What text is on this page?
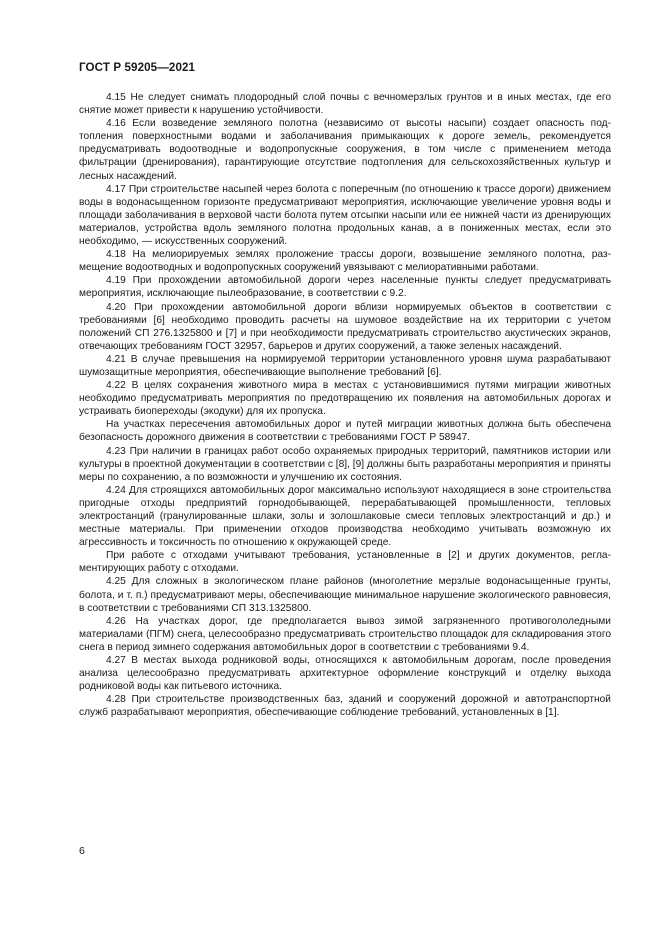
ГОСТ Р 59205—2021

4.15 Не следует снимать плодородный слой почвы с вечномерзлых грунтов и в иных местах, где его снятие может привести к нарушению устойчивости.

4.16 Если возведение земляного полотна (независимо от высоты насыпи) создает опасность подтопления поверхностными водами и заболачивания примыкающих к дороге земель, рекомендуется предусматривать водоотводные и водопропускные сооружения, в том числе с применением метода фильтрации (дренирования), гарантирующие отсутствие подтопления для сельскохозяйственных культур и лесных насаждений.

4.17 При строительстве насыпей через болота с поперечным (по отношению к трассе дороги) движением воды в водонасыщенном горизонте предусматривают мероприятия, исключающие увеличение уровня воды и площади заболачивания в верховой части болота путем отсыпки насыпи или ее нижней части из дренирующих материалов, устройства вдоль земляного полотна продольных канав, а в пониженных местах, если это необходимо, — искусственных сооружений.

4.18 На мелиорируемых землях проложение трассы дороги, возвышение земляного полотна, размещение водоотводных и водопропускных сооружений увязывают с мелиоративными работами.

4.19 При прохождении автомобильной дороги через населенные пункты следует предусматривать мероприятия, исключающие пылеобразование, в соответствии с 9.2.

4.20 При прохождении автомобильной дороги вблизи нормируемых объектов в соответствии с требованиями [6] необходимо проводить расчеты на шумовое воздействие на их территории с учетом положений СП 276.1325800 и [7] и при необходимости предусматривать строительство акустических экранов, отвечающих требованиям ГОСТ 32957, барьеров и других сооружений, а также зеленых насаждений.

4.21 В случае превышения на нормируемой территории установленного уровня шума разрабатывают шумозащитные мероприятия, обеспечивающие выполнение требований [6].

4.22 В целях сохранения животного мира в местах с установившимися путями миграции животных необходимо предусматривать мероприятия по предотвращению их появления на автомобильных дорогах и устраивать биопереходы (экодуки) для их пропуска.

На участках пересечения автомобильных дорог и путей миграции животных должна быть обеспечена безопасность дорожного движения в соответствии с требованиями ГОСТ Р 58947.

4.23 При наличии в границах работ особо охраняемых природных территорий, памятников истории или культуры в проектной документации в соответствии с [8], [9] должны быть разработаны мероприятия и приняты меры по сохранению, а по возможности и улучшению их состояния.

4.24 Для строящихся автомобильных дорог максимально используют находящиеся в зоне строительства пригодные отходы предприятий горнодобывающей, перерабатывающей промышленности, тепловых электростанций (гранулированные шлаки, золы и золошлаковые смеси тепловых электростанций и др.) и местные материалы. При применении отходов производства необходимо учитывать возможную их агрессивность и токсичность по отношению к окружающей среде.

При работе с отходами учитывают требования, установленные в [2] и других документов, регламентирующих работу с отходами.

4.25 Для сложных в экологическом плане районов (многолетние мерзлые водонасыщенные грунты, болота, и т. п.) предусматривают меры, обеспечивающие минимальное нарушение экологического равновесия, в соответствии с требованиями СП 313.1325800.

4.26 На участках дорог, где предполагается вывоз зимой загрязненного противогололедными материалами (ПГМ) снега, целесообразно предусматривать строительство площадок для складирования этого снега в период зимнего содержания автомобильных дорог в соответствии с требованиями 9.4.

4.27 В местах выхода родниковой воды, относящихся к автомобильным дорогам, после проведения анализа целесообразно предусматривать архитектурное оформление конструкций и отделку выхода родниковой воды как питьевого источника.

4.28 При строительстве производственных баз, зданий и сооружений дорожной и автотранспортной служб разрабатывают мероприятия, обеспечивающие соблюдение требований, установленных в [1].

6
